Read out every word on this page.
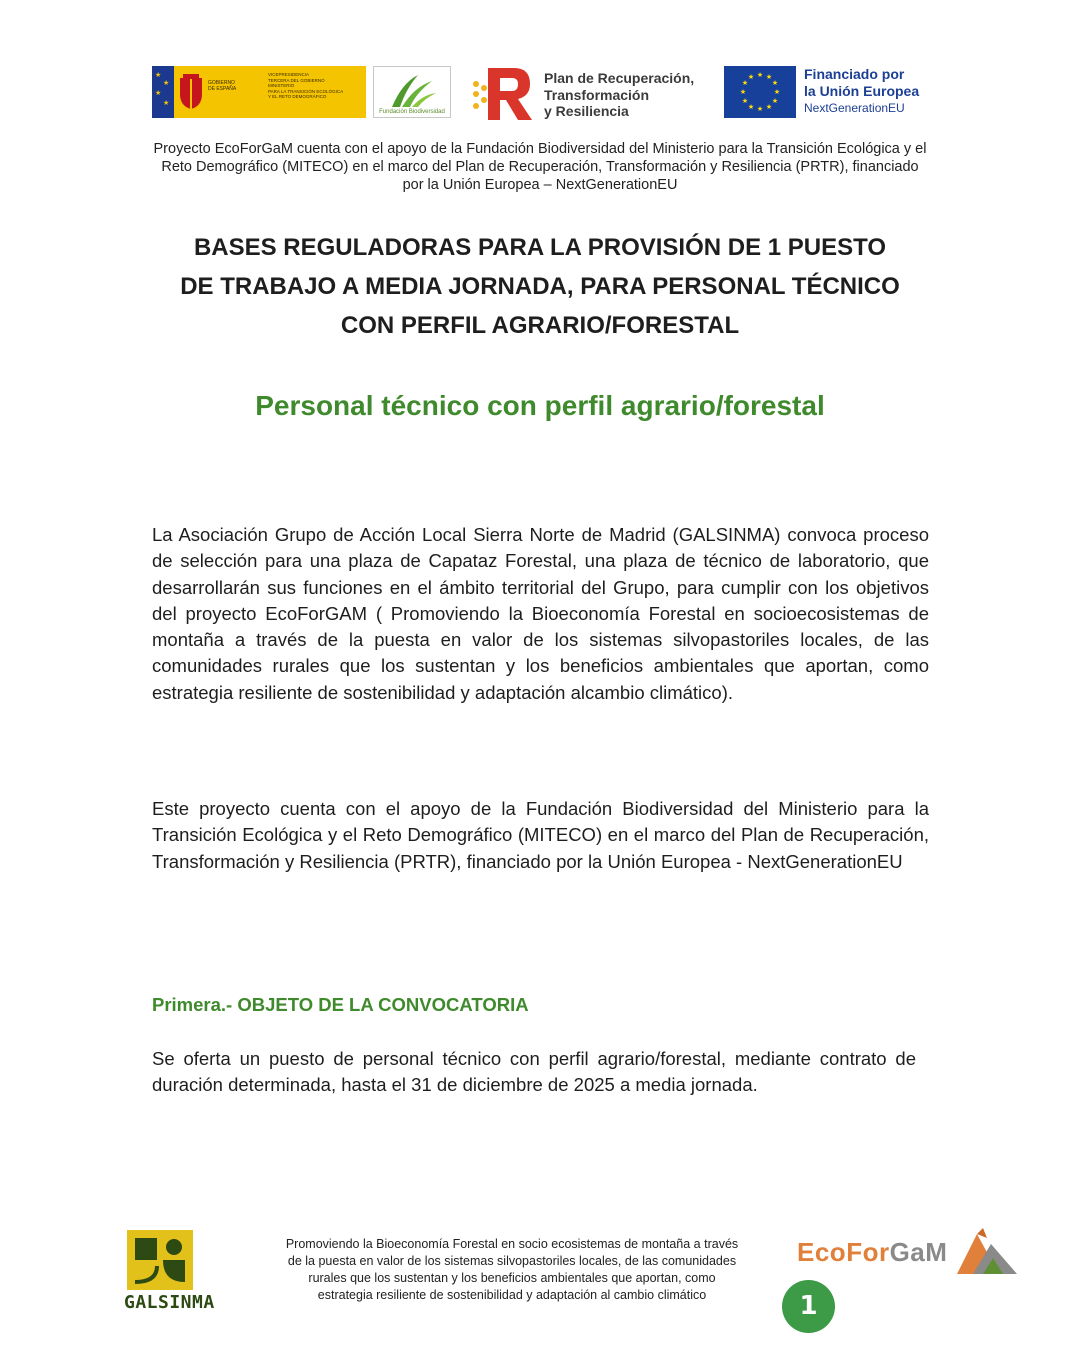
★
★
★
★
GOBIERNO
DE ESPAÑA
VICEPRESIDENCIA
TERCERA DEL GOBIERNO
MINISTERIO
PARA LA TRANSICIÓN ECOLÓGICA
Y EL RETO DEMOGRÁFICO
Fundación Biodiversidad
Plan de Recuperación,
Transformación
y Resiliencia
★ ★
★
★
★
★
★
★
★
★
★
★	Financiado por
la Unión Europea
NextGenerationEU
Proyecto EcoForGaM cuenta con el apoyo de la Fundación Biodiversidad del Ministerio para la Transición Ecológica y el Reto Demográfico (MITECO) en el marco del Plan de Recuperación, Transformación y Resiliencia (PRTR), financiado por la Unión Europea – NextGenerationEU
BASES REGULADORAS PARA LA PROVISIÓN DE 1 PUESTO
DE TRABAJO A MEDIA JORNADA, PARA PERSONAL TÉCNICO
CON PERFIL AGRARIO/FORESTAL
Personal técnico con perfil agrario/forestal
La Asociación Grupo de Acción Local Sierra Norte de Madrid (GALSINMA) convoca proceso de selección para una plaza de Capataz Forestal, una plaza de técnico de laboratorio, que desarrollarán sus funciones en el ámbito territorial del Grupo, para cumplir con los objetivos del proyecto EcoForGAM ( Promoviendo la Bioeconomía Forestal en socioecosistemas de montaña a través de la puesta en valor de los sistemas silvopastoriles locales, de las comunidades rurales que los sustentan y los beneficios ambientales que aportan, como estrategia resiliente de sostenibilidad y adaptación alcambio climático).
Este proyecto cuenta con el apoyo de la Fundación Biodiversidad del Ministerio para la Transición Ecológica y el Reto Demográfico (MITECO) en el marco del Plan de Recuperación, Transformación y Resiliencia (PRTR), financiado por la Unión Europea - NextGenerationEU
Primera.- OBJETO DE LA CONVOCATORIA
Se oferta un puesto de personal técnico con perfil agrario/forestal, mediante contrato de duración determinada, hasta el 31 de diciembre de 2025 a media jornada.
GALSINMA
Promoviendo la Bioeconomía Forestal en socio ecosistemas de montaña a través
de la puesta en valor de los sistemas silvopastoriles locales, de las comunidades
rurales que los sustentan y los beneficios ambientales que aportan, como
estrategia resiliente de sostenibilidad y adaptación al cambio climático
EcoForGaM
1
